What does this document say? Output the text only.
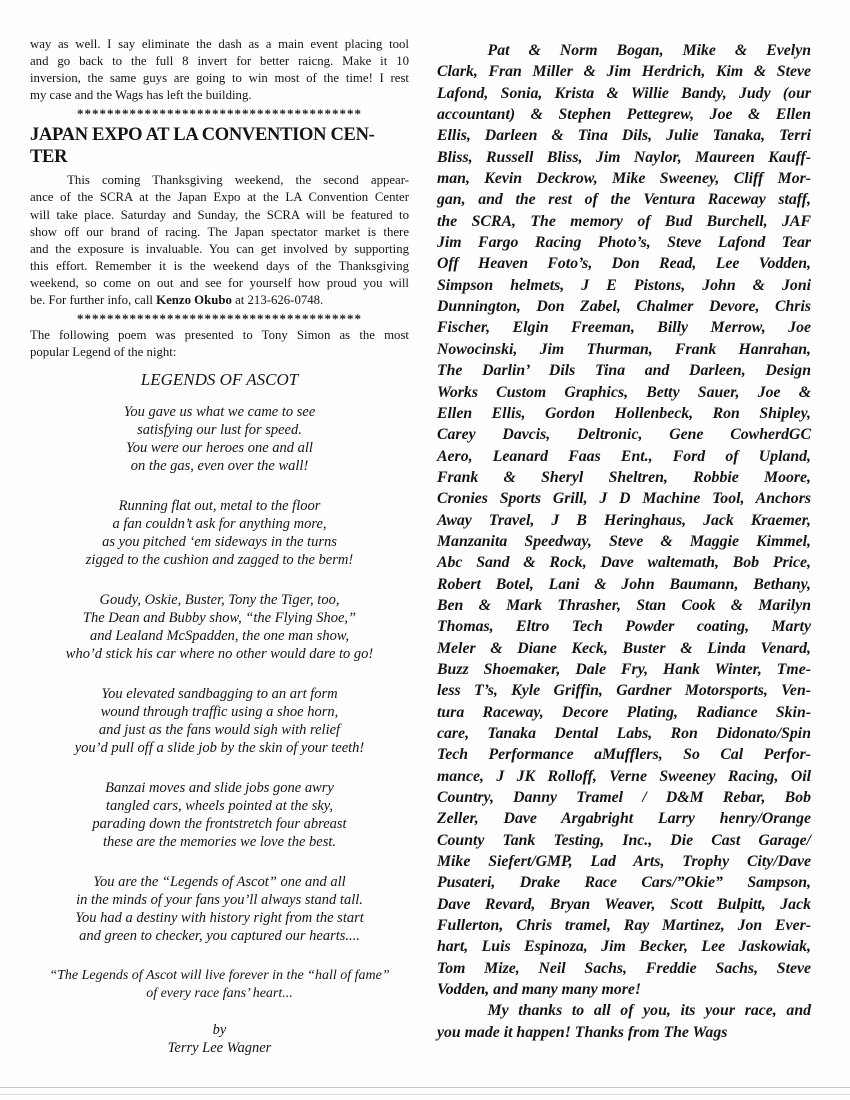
way as well. I say eliminate the dash as a main event placing tool
and go back to the full 8 invert for better raicng. Make it 10
inversion, the same guys are going to win most of the time! I rest
my case and the Wags has left the building.
**************************************
JAPAN EXPO AT LA CONVENTION CEN-
TER
This coming Thanksgiving weekend, the second appear-
ance of the SCRA at the Japan Expo at the LA Convention Center
will take place. Saturday and Sunday, the SCRA will be featured to
show off our brand of racing. The Japan spectator market is there
and the exposure is invaluable. You can get involved by supporting
this effort. Remember it is the weekend days of the Thanksgiving
weekend, so come on out and see for yourself how proud you will
be. For further info, call Kenzo Okubo at 213-626-0748.
**************************************
The following poem was presented to Tony Simon as the most
popular Legend of the night:
LEGENDS OF ASCOT
You gave us what we came to see
satisfying our lust for speed.
You were our heroes one and all
on the gas, even over the wall!
Running flat out, metal to the floor
a fan couldn’t ask for anything more,
as you pitched ‘em sideways in the turns
zigged to the cushion and zagged to the berm!
Goudy, Oskie, Buster, Tony the Tiger, too,
The Dean and Bubby show, “the Flying Shoe,”
and Lealand McSpadden, the one man show,
who’d stick his car where no other would dare to go!
You elevated sandbagging to an art form
wound through traffic using a shoe horn,
and just as the fans would sigh with relief
you’d pull off a slide job by the skin of your teeth!
Banzai moves and slide jobs gone awry
tangled cars, wheels pointed at the sky,
parading down the frontstretch four abreast
these are the memories we love the best.
You are the “Legends of Ascot” one and all
in the minds of your fans you’ll always stand tall.
You had a destiny with history right from the start
and green to checker, you captured our hearts....
“The Legends of Ascot will live forever in the “hall of fame”
of every race fans’ heart...
by
Terry Lee Wagner
Pat & Norm Bogan, Mike & Evelyn
Clark, Fran Miller & Jim Herdrich, Kim & Steve
Lafond, Sonia, Krista & Willie Bandy, Judy (our
accountant) & Stephen Pettegrew, Joe & Ellen
Ellis, Darleen & Tina Dils, Julie Tanaka, Terri
Bliss, Russell Bliss, Jim Naylor, Maureen Kauff-
man, Kevin Deckrow, Mike Sweeney, Cliff Mor-
gan, and the rest of the Ventura Raceway staff,
the SCRA, The memory of Bud Burchell, JAF
Jim Fargo Racing Photo’s, Steve Lafond Tear
Off Heaven Foto’s, Don Read, Lee Vodden,
Simpson helmets, J E Pistons, John & Joni
Dunnington, Don Zabel, Chalmer Devore, Chris
Fischer, Elgin Freeman, Billy Merrow, Joe
Nowocinski, Jim Thurman, Frank Hanrahan,
The Darlin’ Dils Tina and Darleen, Design
Works Custom Graphics, Betty Sauer, Joe &
Ellen Ellis, Gordon Hollenbeck, Ron Shipley,
Carey Davcis, Deltronic, Gene CowherdGC
Aero, Leanard Faas Ent., Ford of Upland,
Frank & Sheryl Sheltren, Robbie Moore,
Cronies Sports Grill, J D Machine Tool, Anchors
Away Travel, J B Heringhaus, Jack Kraemer,
Manzanita Speedway, Steve & Maggie Kimmel,
Abc Sand & Rock, Dave waltemath, Bob Price,
Robert Botel, Lani & John Baumann, Bethany,
Ben & Mark Thrasher, Stan Cook & Marilyn
Thomas, Eltro Tech Powder coating, Marty
Meler & Diane Keck, Buster & Linda Venard,
Buzz Shoemaker, Dale Fry, Hank Winter, Tme-
less T’s, Kyle Griffin, Gardner Motorsports, Ven-
tura Raceway, Decore Plating, Radiance Skin-
care, Tanaka Dental Labs, Ron Didonato/Spin
Tech Performance aMufflers, So Cal Perfor-
mance, J JK Rolloff, Verne Sweeney Racing, Oil
Country, Danny Tramel / D&M Rebar, Bob
Zeller, Dave Argabright Larry henry/Orange
County Tank Testing, Inc., Die Cast Garage/
Mike Siefert/GMP, Lad Arts, Trophy City/Dave
Pusateri, Drake Race Cars/”Okie” Sampson,
Dave Revard, Bryan Weaver, Scott Bulpitt, Jack
Fullerton, Chris tramel, Ray Martinez, Jon Ever-
hart, Luis Espinoza, Jim Becker, Lee Jaskowiak,
Tom Mize, Neil Sachs, Freddie Sachs, Steve
Vodden, and many many more!
My thanks to all of you, its your race, and
you made it happen! Thanks from The Wags
